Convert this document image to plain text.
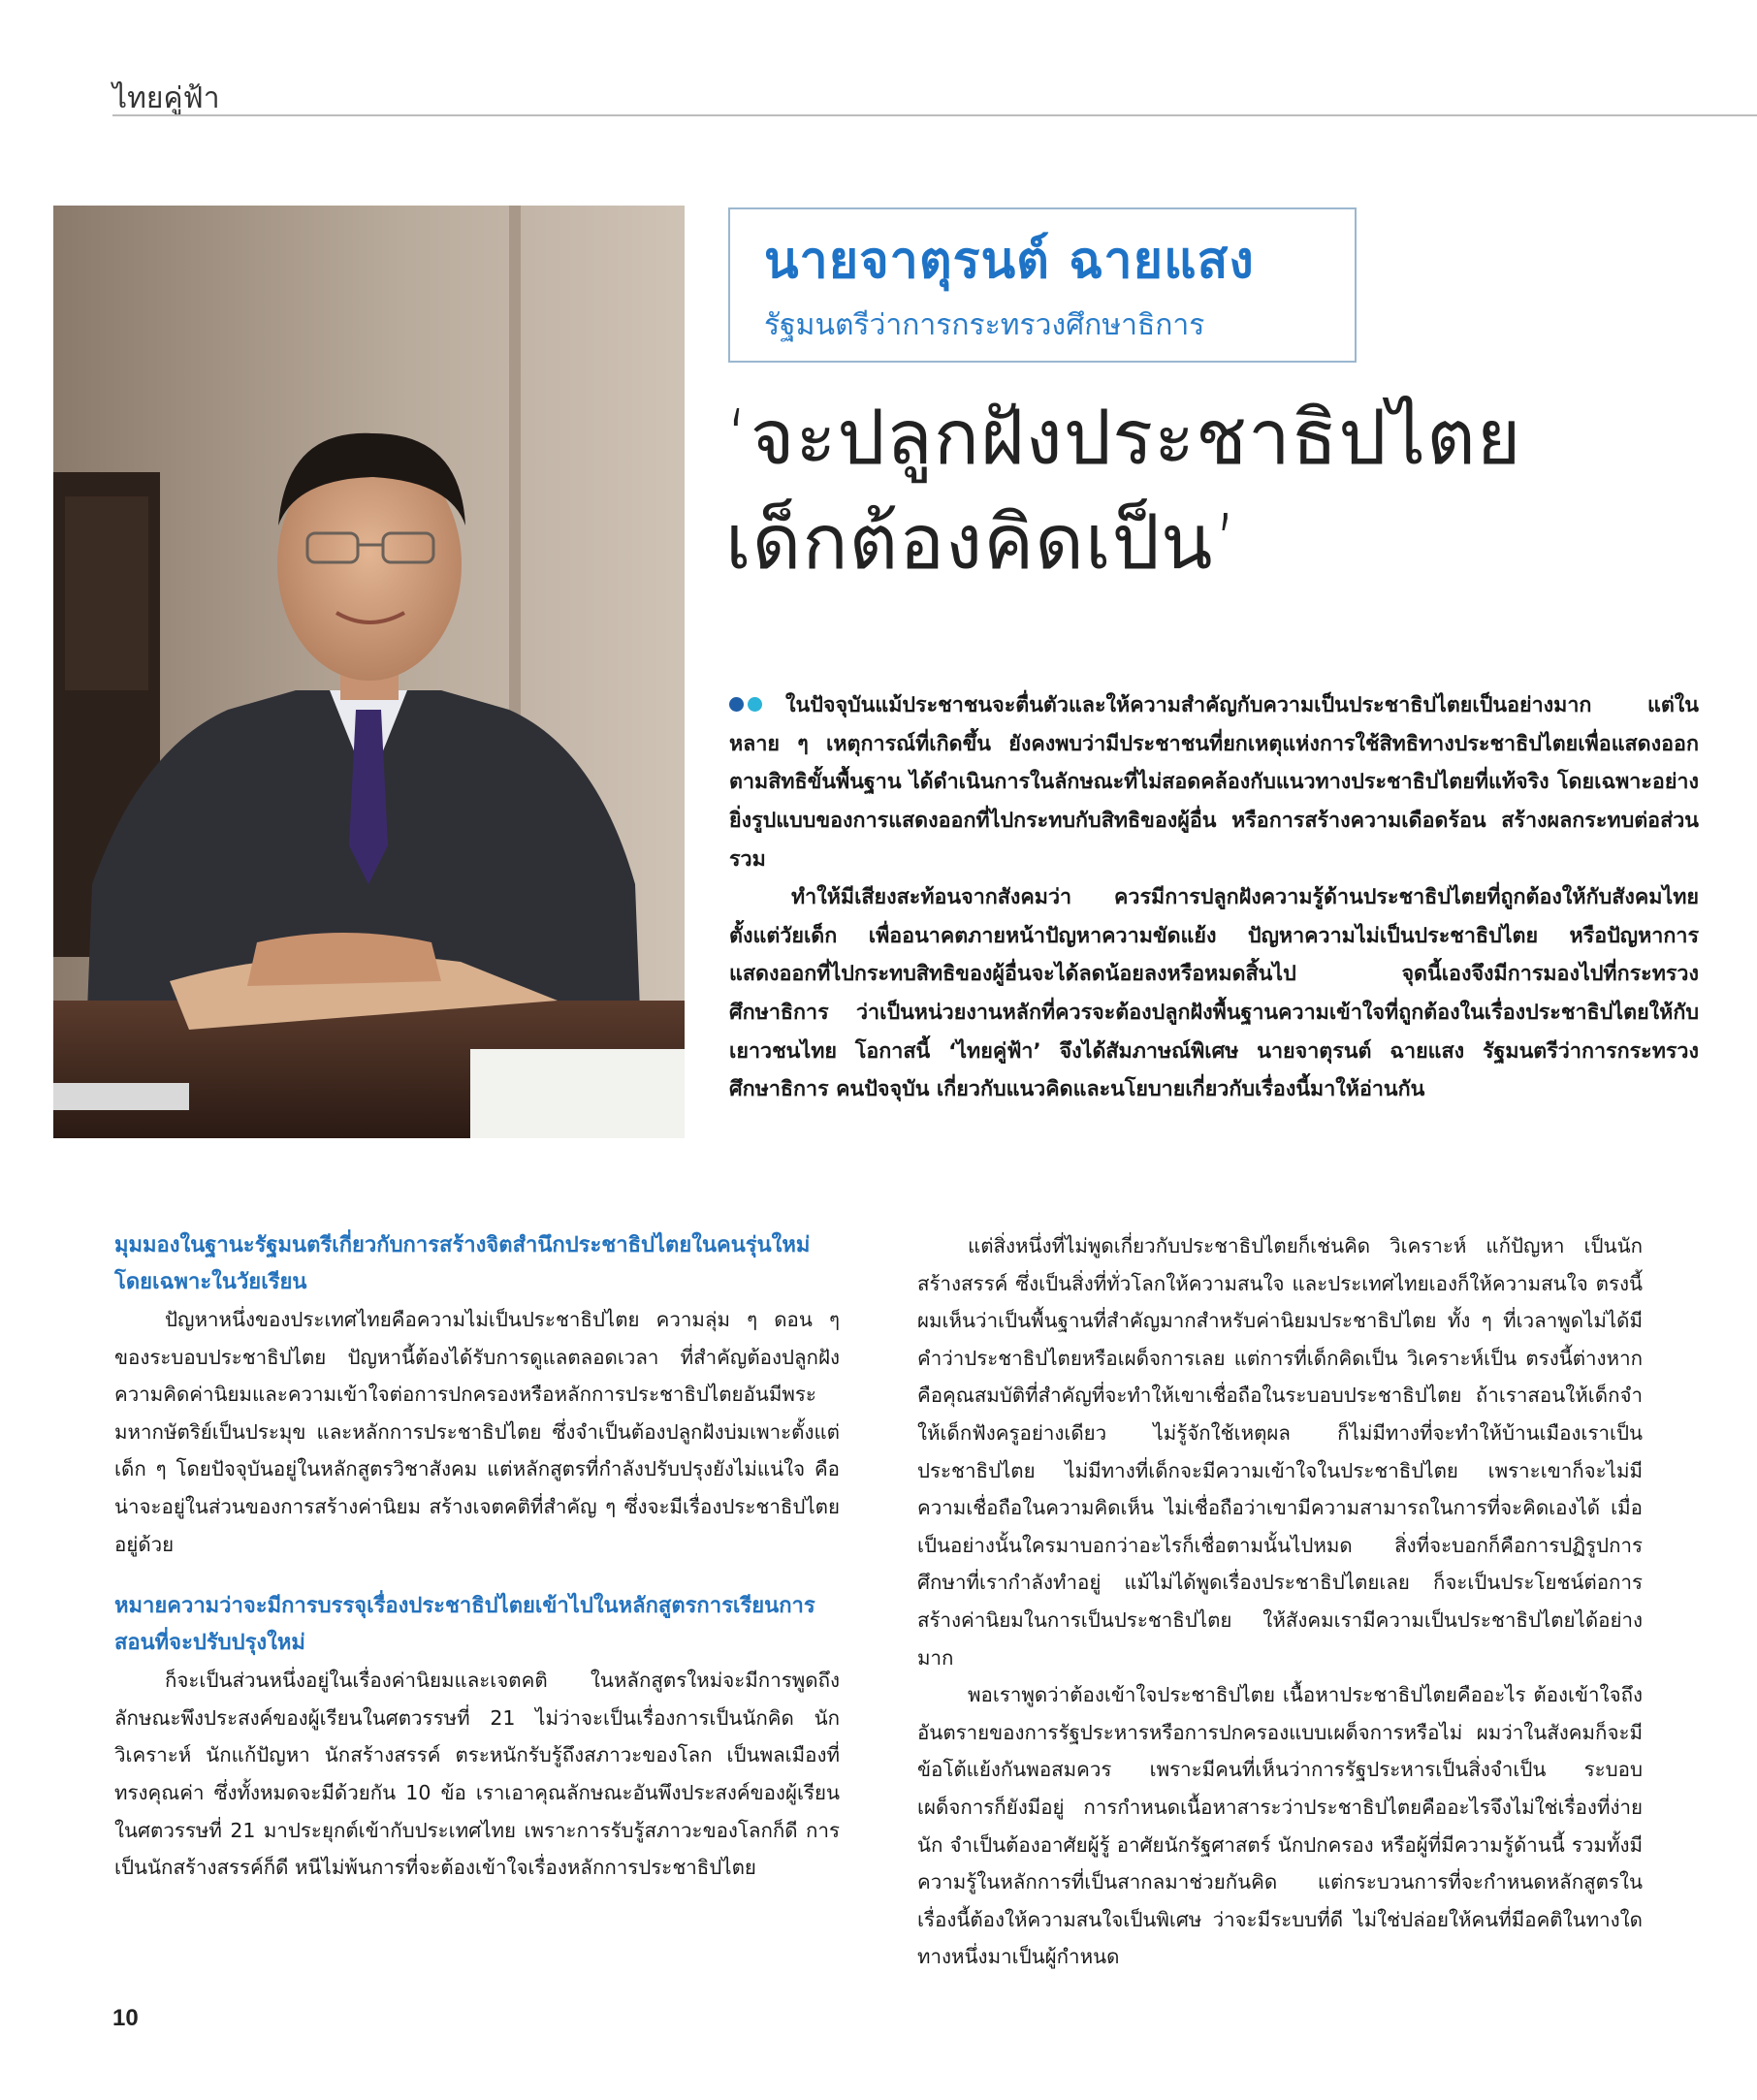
ไทยคู่ฟ้า
นายจาตุรนต์ ฉายแสง
รัฐมนตรีว่าการกระทรวงศึกษาธิการ
‘จะปลูกฝังประชาธิปไตย
เด็กต้องคิดเป็น’

ในปัจจุบันแม้ประชาชนจะตื่นตัวและให้ความสำคัญกับความเป็นประชาธิปไตยเป็นอย่างมาก แต่ในหลาย ๆ เหตุการณ์ที่เกิดขึ้น ยังคงพบว่ามีประชาชนที่ยกเหตุแห่งการใช้สิทธิทางประชาธิปไตยเพื่อแสดงออกตามสิทธิขั้นพื้นฐาน ได้ดำเนินการในลักษณะที่ไม่สอดคล้องกับแนวทางประชาธิปไตยที่แท้จริง โดยเฉพาะอย่างยิ่งรูปแบบของการแสดงออกที่ไปกระทบกับสิทธิของผู้อื่น หรือการสร้างความเดือดร้อน สร้างผลกระทบต่อส่วนรวม

ทำให้มีเสียงสะท้อนจากสังคมว่า ควรมีการปลูกฝังความรู้ด้านประชาธิปไตยที่ถูกต้องให้กับสังคมไทยตั้งแต่วัยเด็ก เพื่ออนาคตภายหน้าปัญหาความขัดแย้ง ปัญหาความไม่เป็นประชาธิปไตย หรือปัญหาการแสดงออกที่ไปกระทบสิทธิของผู้อื่นจะได้ลดน้อยลงหรือหมดสิ้นไป จุดนี้เองจึงมีการมองไปที่กระทรวงศึกษาธิการ ว่าเป็นหน่วยงานหลักที่ควรจะต้องปลูกฝังพื้นฐานความเข้าใจที่ถูกต้องในเรื่องประชาธิปไตยให้กับเยาวชนไทย โอกาสนี้ ‘ไทยคู่ฟ้า’ จึงได้สัมภาษณ์พิเศษ นายจาตุรนต์ ฉายแสง รัฐมนตรีว่าการกระทรวงศึกษาธิการ คนปัจจุบัน เกี่ยวกับแนวคิดและนโยบายเกี่ยวกับเรื่องนี้มาให้อ่านกัน

มุมมองในฐานะรัฐมนตรีเกี่ยวกับการสร้างจิตสำนึกประชาธิปไตยในคนรุ่นใหม่ โดยเฉพาะในวัยเรียน

ปัญหาหนึ่งของประเทศไทยคือความไม่เป็นประชาธิปไตย ความลุ่ม ๆ ดอน ๆ ของระบอบประชาธิปไตย ปัญหานี้ต้องได้รับการดูแลตลอดเวลา ที่สำคัญต้องปลูกฝังความคิดค่านิยมและความเข้าใจต่อการปกครองหรือหลักการประชาธิปไตยอันมีพระมหากษัตริย์เป็นประมุข และหลักการประชาธิปไตย ซึ่งจำเป็นต้องปลูกฝังบ่มเพาะตั้งแต่เด็ก ๆ โดยปัจจุบันอยู่ในหลักสูตรวิชาสังคม แต่หลักสูตรที่กำลังปรับปรุงยังไม่แน่ใจ คือน่าจะอยู่ในส่วนของการสร้างค่านิยม สร้างเจตคติที่สำคัญ ๆ ซึ่งจะมีเรื่องประชาธิปไตยอยู่ด้วย

หมายความว่าจะมีการบรรจุเรื่องประชาธิปไตยเข้าไปในหลักสูตรการเรียนการสอนที่จะปรับปรุงใหม่

ก็จะเป็นส่วนหนึ่งอยู่ในเรื่องค่านิยมและเจตคติ ในหลักสูตรใหม่จะมีการพูดถึงลักษณะพึงประสงค์ของผู้เรียนในศตวรรษที่ 21 ไม่ว่าจะเป็นเรื่องการเป็นนักคิด นักวิเคราะห์ นักแก้ปัญหา นักสร้างสรรค์ ตระหนักรับรู้ถึงสภาวะของโลก เป็นพลเมืองที่ทรงคุณค่า ซึ่งทั้งหมดจะมีด้วยกัน 10 ข้อ เราเอาคุณลักษณะอันพึงประสงค์ของผู้เรียนในศตวรรษที่ 21 มาประยุกต์เข้ากับประเทศไทย เพราะการรับรู้สภาวะของโลกก็ดี การเป็นนักสร้างสรรค์ก็ดี หนีไม่พ้นการที่จะต้องเข้าใจเรื่องหลักการประชาธิปไตย

แต่สิ่งหนึ่งที่ไม่พูดเกี่ยวกับประชาธิปไตยก็เช่นคิด วิเคราะห์ แก้ปัญหา เป็นนักสร้างสรรค์ ซึ่งเป็นสิ่งที่ทั่วโลกให้ความสนใจ และประเทศไทยเองก็ให้ความสนใจ ตรงนี้ผมเห็นว่าเป็นพื้นฐานที่สำคัญมากสำหรับค่านิยมประชาธิปไตย ทั้ง ๆ ที่เวลาพูดไม่ได้มีคำว่าประชาธิปไตยหรือเผด็จการเลย แต่การที่เด็กคิดเป็น วิเคราะห์เป็น ตรงนี้ต่างหากคือคุณสมบัติที่สำคัญที่จะทำให้เขาเชื่อถือในระบอบประชาธิปไตย ถ้าเราสอนให้เด็กจำ ให้เด็กฟังครูอย่างเดียว ไม่รู้จักใช้เหตุผล ก็ไม่มีทางที่จะทำให้บ้านเมืองเราเป็นประชาธิปไตย ไม่มีทางที่เด็กจะมีความเข้าใจในประชาธิปไตย เพราะเขาก็จะไม่มีความเชื่อถือในความคิดเห็น ไม่เชื่อถือว่าเขามีความสามารถในการที่จะคิดเองได้ เมื่อเป็นอย่างนั้นใครมาบอกว่าอะไรก็เชื่อตามนั้นไปหมด สิ่งที่จะบอกก็คือการปฏิรูปการศึกษาที่เรากำลังทำอยู่ แม้ไม่ได้พูดเรื่องประชาธิปไตยเลย ก็จะเป็นประโยชน์ต่อการสร้างค่านิยมในการเป็นประชาธิปไตย ให้สังคมเรามีความเป็นประชาธิปไตยได้อย่างมาก

พอเราพูดว่าต้องเข้าใจประชาธิปไตย เนื้อหาประชาธิปไตยคืออะไร ต้องเข้าใจถึงอันตรายของการรัฐประหารหรือการปกครองแบบเผด็จการหรือไม่ ผมว่าในสังคมก็จะมีข้อโต้แย้งกันพอสมควร เพราะมีคนที่เห็นว่าการรัฐประหารเป็นสิ่งจำเป็น ระบอบเผด็จการก็ยังมีอยู่ การกำหนดเนื้อหาสาระว่าประชาธิปไตยคืออะไรจึงไม่ใช่เรื่องที่ง่ายนัก จำเป็นต้องอาศัยผู้รู้ อาศัยนักรัฐศาสตร์ นักปกครอง หรือผู้ที่มีความรู้ด้านนี้ รวมทั้งมีความรู้ในหลักการที่เป็นสากลมาช่วยกันคิด แต่กระบวนการที่จะกำหนดหลักสูตรในเรื่องนี้ต้องให้ความสนใจเป็นพิเศษ ว่าจะมีระบบที่ดี ไม่ใช่ปล่อยให้คนที่มีอคติในทางใดทางหนึ่งมาเป็นผู้กำหนด

10
